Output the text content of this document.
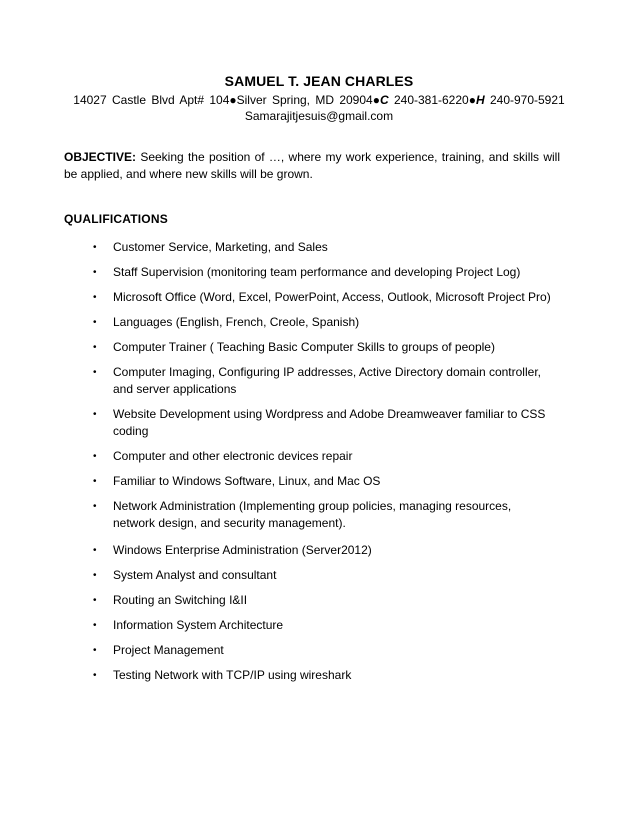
SAMUEL T. JEAN CHARLES
14027 Castle Blvd Apt# 104●Silver Spring, MD 20904●C 240-381-6220●H 240-970-5921
Samarajitjesuis@gmail.com
OBJECTIVE: Seeking the position of …, where my work experience, training, and skills will be applied, and where new skills will be grown.
QUALIFICATIONS
• Customer Service, Marketing, and Sales
• Staff Supervision (monitoring team performance and developing Project Log)
• Microsoft Office (Word, Excel, PowerPoint, Access, Outlook, Microsoft Project Pro)
• Languages (English, French, Creole, Spanish)
• Computer Trainer ( Teaching Basic Computer Skills to groups of people)
• Computer Imaging, Configuring IP addresses, Active Directory domain controller, and server applications
• Website Development using Wordpress and Adobe Dreamweaver familiar to CSS coding
• Computer and other electronic devices repair
• Familiar to Windows Software, Linux, and Mac OS
• Network Administration (Implementing group policies, managing resources, network design, and security management).
• Windows Enterprise Administration (Server2012)
• System Analyst and consultant
• Routing an Switching I&II
• Information System Architecture
• Project Management
• Testing Network with TCP/IP using wireshark
